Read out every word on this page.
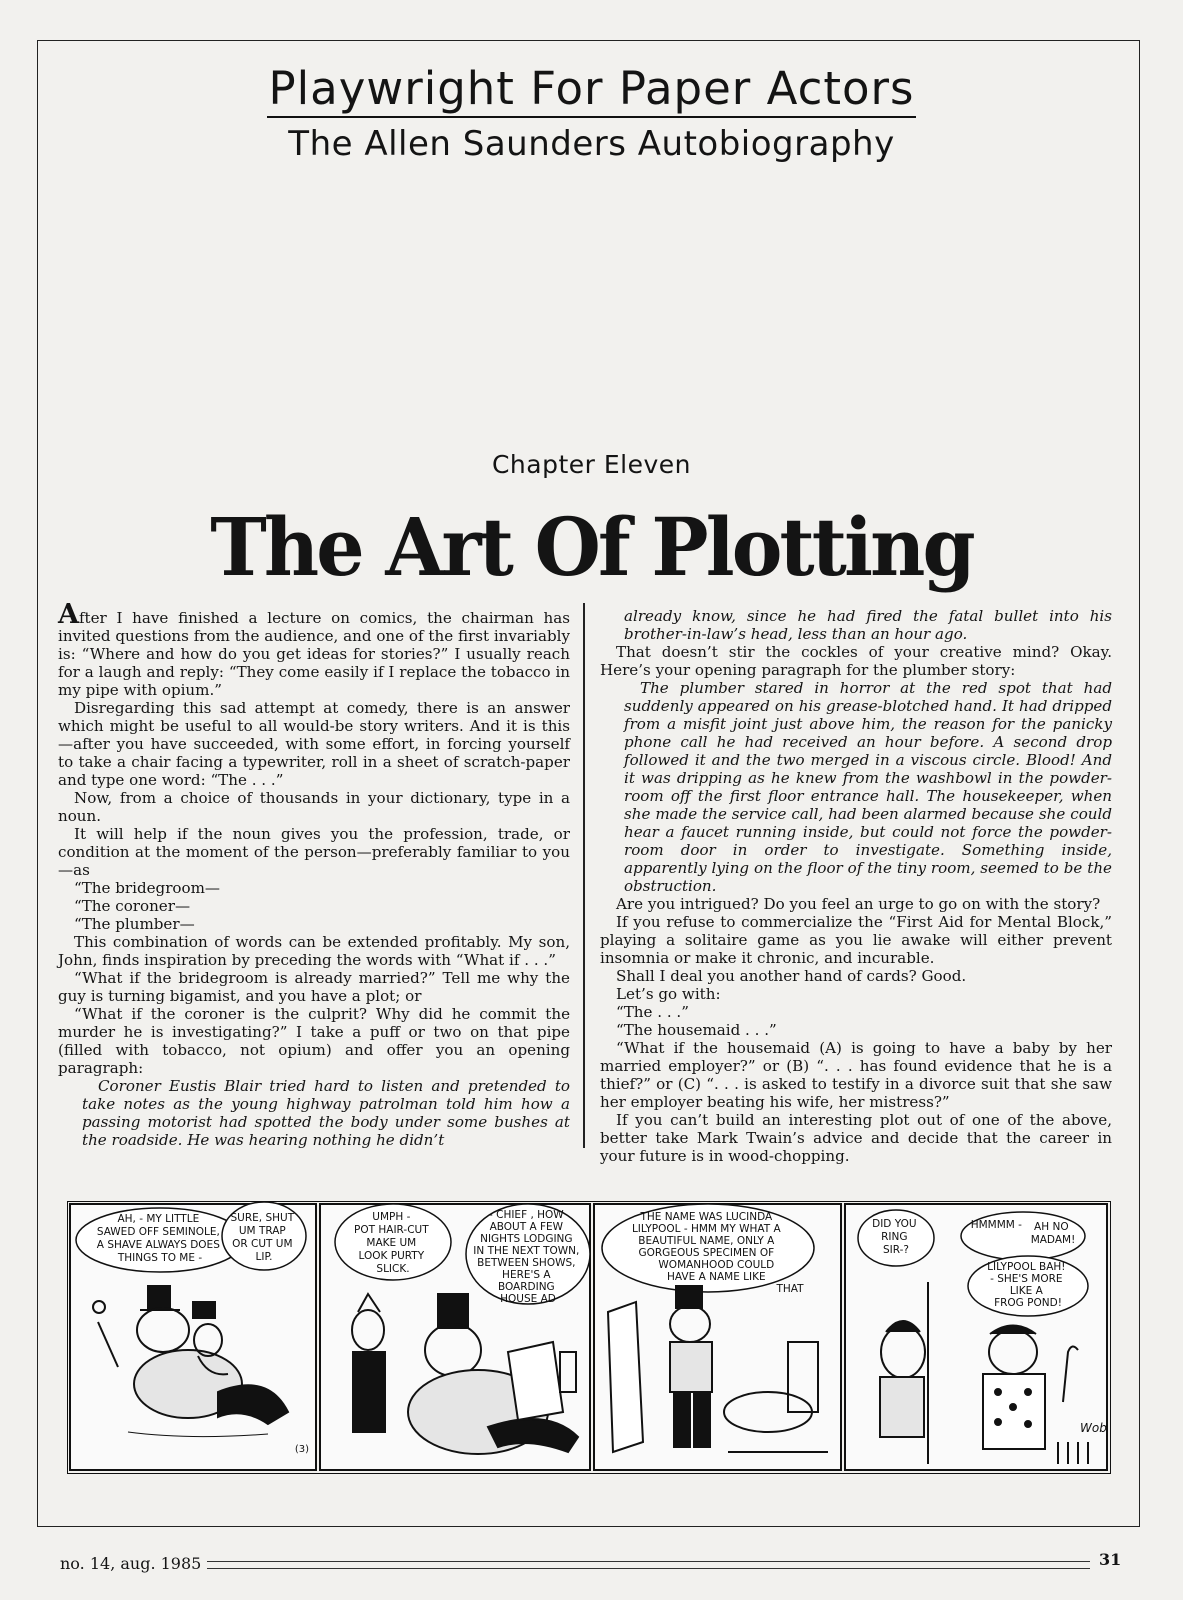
Playwright For Paper Actors
The Allen Saunders Autobiography
Chapter Eleven
The Art Of Plotting

After I have finished a lecture on comics, the chairman has invited questions from the audience, and one of the first invariably is: “Where and how do you get ideas for stories?” I usually reach for a laugh and reply: “They come easily if I replace the tobacco in my pipe with opium.”

Disregarding this sad attempt at comedy, there is an answer which might be useful to all would-be story writers. And it is this—after you have succeeded, with some effort, in forcing yourself to take a chair facing a typewriter, roll in a sheet of scratch-paper and type one word: “The . . .”

Now, from a choice of thousands in your dictionary, type in a noun.

It will help if the noun gives you the profession, trade, or condition at the moment of the person—preferably familiar to you—as

“The bridegroom—

“The coroner—

“The plumber—

This combination of words can be extended profitably. My son, John, finds inspiration by preceding the words with “What if . . .”

“What if the bridegroom is already married?” Tell me why the guy is turning bigamist, and you have a plot; or

“What if the coroner is the culprit? Why did he commit the murder he is investigating?” I take a puff or two on that pipe (filled with tobacco, not opium) and offer you an opening paragraph:

Coroner Eustis Blair tried hard to listen and pretended to take notes as the young highway patrolman told him how a passing motorist had spotted the body under some bushes at the roadside. He was hearing nothing he didn’t

already know, since he had fired the fatal bullet into his brother-in-law’s head, less than an hour ago.

That doesn’t stir the cockles of your creative mind? Okay. Here’s your opening paragraph for the plumber story:

The plumber stared in horror at the red spot that had suddenly appeared on his grease-blotched hand. It had dripped from a misfit joint just above him, the reason for the panicky phone call he had received an hour before. A second drop followed it and the two merged in a viscous circle. Blood! And it was dripping as he knew from the washbowl in the powder-room off the first floor entrance hall. The housekeeper, when she made the service call, had been alarmed because she could hear a faucet running inside, but could not force the powder-room door in order to investigate. Something inside, apparently lying on the floor of the tiny room, seemed to be the obstruction.

Are you intrigued? Do you feel an urge to go on with the story?

If you refuse to commercialize the “First Aid for Mental Block,” playing a solitaire game as you lie awake will either prevent insomnia or make it chronic, and incurable.

Shall I deal you another hand of cards? Good.

Let’s go with:

“The . . .”

“The housemaid . . .”

“What if the housemaid (A) is going to have a baby by her married employer?” or (B) “. . . has found evidence that he is a thief?” or (C) “. . . is asked to testify in a divorce suit that she saw her employer beating his wife, her mistress?”

If you can’t build an interesting plot out of one of the above, better take Mark Twain’s advice and decide that the career in your future is in wood-chopping.

AH, - MY LITTLE SAWED OFF SEMINOLE, A SHAVE ALWAYS DOES THINGS TO ME -
SURE, SHUT UM TRAP OR CUT UM LIP.
(3)
UMPH - POT HAIR-CUT MAKE UM LOOK PURTY SLICK.
- CHIEF , HOW ABOUT A FEW NIGHTS LODGING IN THE NEXT TOWN, BETWEEN SHOWS, HERE'S A BOARDING HOUSE AD
THE NAME WAS LUCINDA LILYPOOL - HMM MY WHAT A BEAUTIFUL NAME, ONLY A GORGEOUS SPECIMEN OF WOMANHOOD COULD HAVE A NAME LIKE THAT
DID YOU RING SIR-?
HMMMM - AH NO MADAM!
LILYPOOL BAH! - SHE'S MORE LIKE A FROG POND!
Wob
no. 14, aug. 1985	31
